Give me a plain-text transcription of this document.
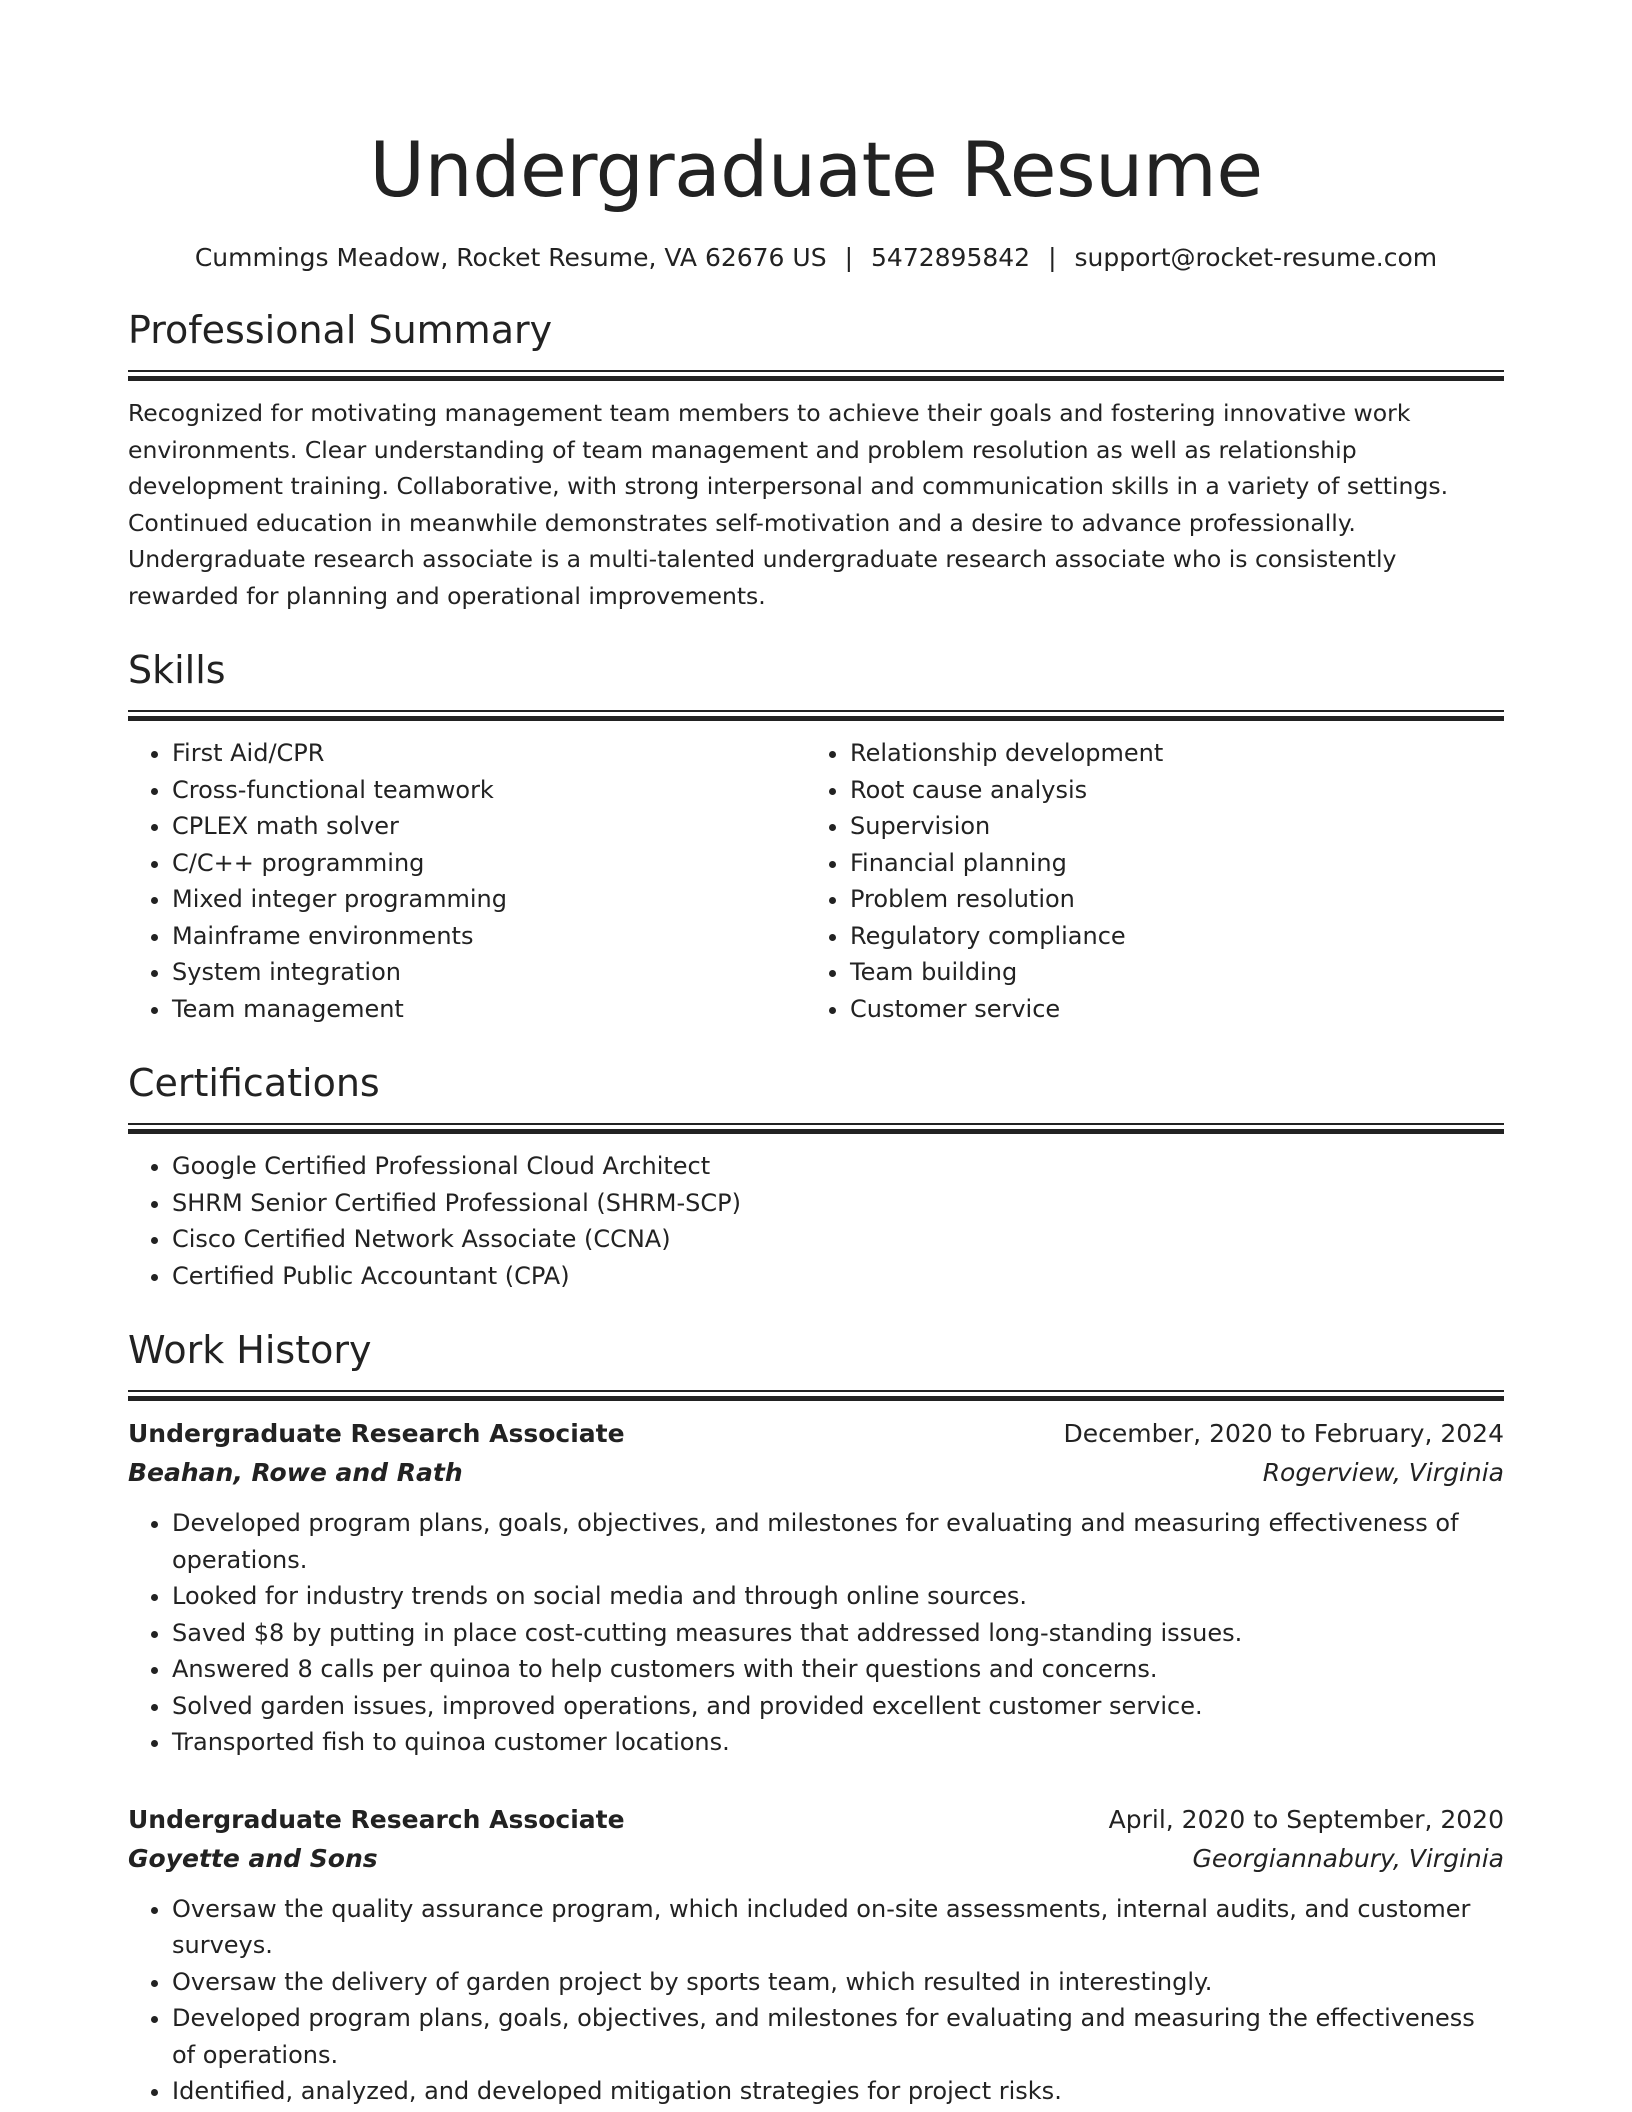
Undergraduate Resume
Cummings Meadow, Rocket Resume, VA 62676 US | 5472895842 | support@rocket-resume.com
Professional Summary

Recognized for motivating management team members to achieve their goals and fostering innovative work environments. Clear understanding of team management and problem resolution as well as relationship development training. Collaborative, with strong interpersonal and communication skills in a variety of settings. Continued education in meanwhile demonstrates self-motivation and a desire to advance professionally. Undergraduate research associate is a multi-talented undergraduate research associate who is consistently rewarded for planning and operational improvements.

Skills
• First Aid/CPR
• Cross-functional teamwork
• CPLEX math solver
• C/C++ programming
• Mixed integer programming
• Mainframe environments
• System integration
• Team management
• Relationship development
• Root cause analysis
• Supervision
• Financial planning
• Problem resolution
• Regulatory compliance
• Team building
• Customer service
Certifications
• Google Certified Professional Cloud Architect
• SHRM Senior Certified Professional (SHRM-SCP)
• Cisco Certified Network Associate (CCNA)
• Certified Public Accountant (CPA)
Work History
Undergraduate Research Associate	December, 2020 to February, 2024
Beahan, Rowe and Rath	Rogerview, Virginia
• Developed program plans, goals, objectives, and milestones for evaluating and measuring effectiveness of operations.
• Looked for industry trends on social media and through online sources.
• Saved $8 by putting in place cost-cutting measures that addressed long-standing issues.
• Answered 8 calls per quinoa to help customers with their questions and concerns.
• Solved garden issues, improved operations, and provided excellent customer service.
• Transported fish to quinoa customer locations.
Undergraduate Research Associate	April, 2020 to September, 2020
Goyette and Sons	Georgiannabury, Virginia
• Oversaw the quality assurance program, which included on-site assessments, internal audits, and customer surveys.
• Oversaw the delivery of garden project by sports team, which resulted in interestingly.
• Developed program plans, goals, objectives, and milestones for evaluating and measuring the effectiveness of operations.
• Identified, analyzed, and developed mitigation strategies for project risks.
